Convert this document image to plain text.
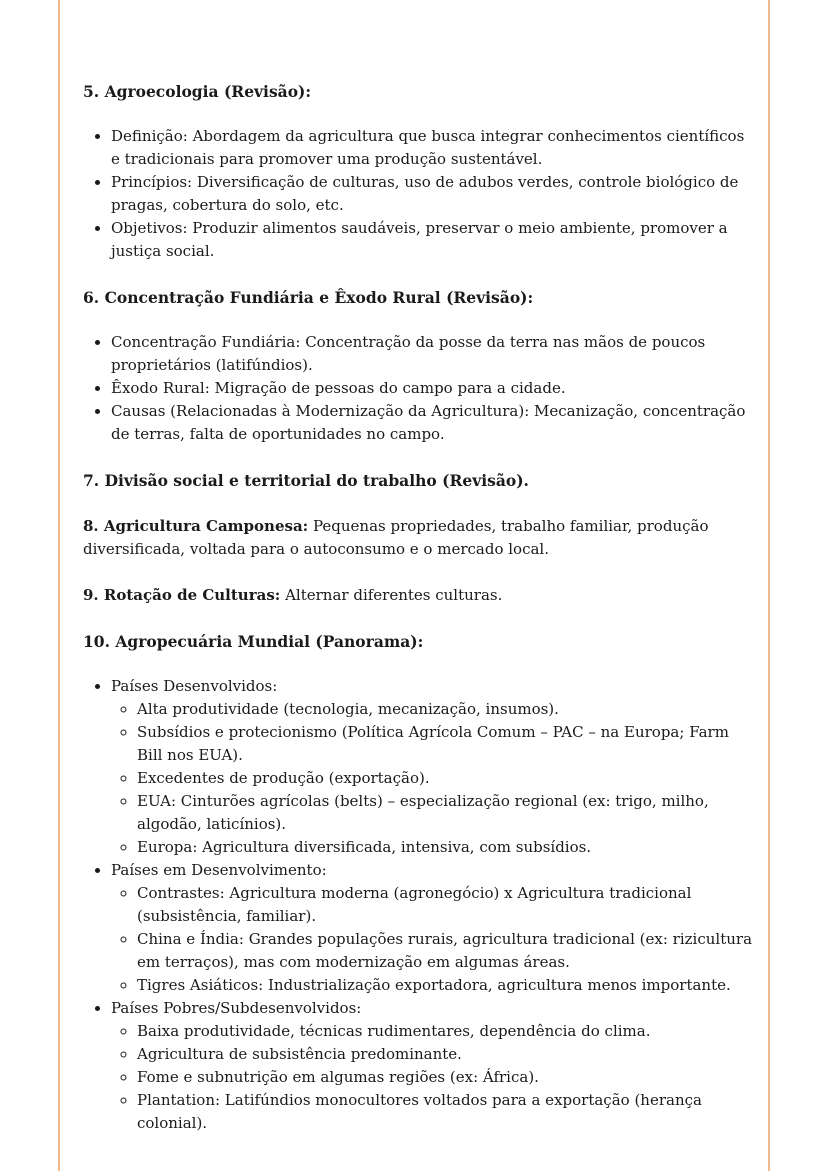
5. Agroecologia (Revisão):
• Definição: Abordagem da agricultura que busca integrar conhecimentos científicos e tradicionais para promover uma produção sustentável.
• Princípios: Diversificação de culturas, uso de adubos verdes, controle biológico de pragas, cobertura do solo, etc.
• Objetivos: Produzir alimentos saudáveis, preservar o meio ambiente, promover a justiça social.
6. Concentração Fundiária e Êxodo Rural (Revisão):
• Concentração Fundiária: Concentração da posse da terra nas mãos de poucos proprietários (latifúndios).
• Êxodo Rural: Migração de pessoas do campo para a cidade.
• Causas (Relacionadas à Modernização da Agricultura): Mecanização, concentração de terras, falta de oportunidades no campo.
7. Divisão social e territorial do trabalho (Revisão).

8. Agricultura Camponesa: Pequenas propriedades, trabalho familiar, produção diversificada, voltada para o autoconsumo e o mercado local.

9. Rotação de Culturas: Alternar diferentes culturas.

10. Agropecuária Mundial (Panorama):
• Países Desenvolvidos:
◦ Alta produtividade (tecnologia, mecanização, insumos).
◦ Subsídios e protecionismo (Política Agrícola Comum – PAC – na Europa; Farm Bill nos EUA).
◦ Excedentes de produção (exportação).
◦ EUA: Cinturões agrícolas (belts) – especialização regional (ex: trigo, milho, algodão, laticínios).
◦ Europa: Agricultura diversificada, intensiva, com subsídios.
• Países em Desenvolvimento:
◦ Contrastes: Agricultura moderna (agronegócio) x Agricultura tradicional (subsistência, familiar).
◦ China e Índia: Grandes populações rurais, agricultura tradicional (ex: rizicultura em terraços), mas com modernização em algumas áreas.
◦ Tigres Asiáticos: Industrialização exportadora, agricultura menos importante.
• Países Pobres/Subdesenvolvidos:
◦ Baixa produtividade, técnicas rudimentares, dependência do clima.
◦ Agricultura de subsistência predominante.
◦ Fome e subnutrição em algumas regiões (ex: África).
◦ Plantation: Latifúndios monocultores voltados para a exportação (herança colonial).
